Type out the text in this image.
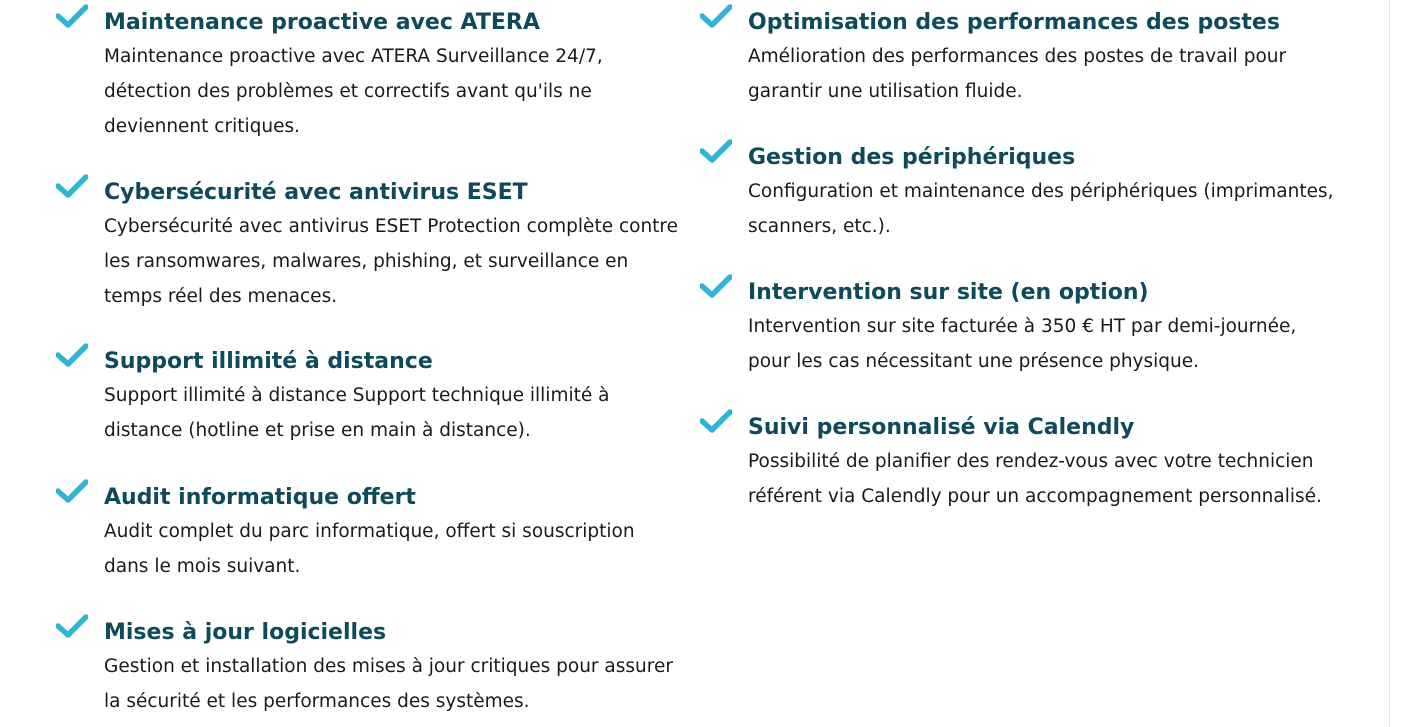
Maintenance proactive avec ATERA

Maintenance proactive avec ATERA Surveillance 24/7, détection des problèmes et correctifs avant qu'ils ne deviennent critiques.

Cybersécurité avec antivirus ESET

Cybersécurité avec antivirus ESET Protection complète contre les ransomwares, malwares, phishing, et surveillance en temps réel des menaces.

Support illimité à distance

Support illimité à distance Support technique illimité à distance (hotline et prise en main à distance).

Audit informatique offert

Audit complet du parc informatique, offert si souscription dans le mois suivant.

Mises à jour logicielles

Gestion et installation des mises à jour critiques pour assurer la sécurité et les performances des systèmes.

Optimisation des performances des postes

Amélioration des performances des postes de travail pour garantir une utilisation fluide.

Gestion des périphériques

Configuration et maintenance des périphériques (imprimantes, scanners, etc.).

Intervention sur site (en option)

Intervention sur site facturée à 350 € HT par demi-journée, pour les cas nécessitant une présence physique.

Suivi personnalisé via Calendly

Possibilité de planifier des rendez-vous avec votre technicien référent via Calendly pour un accompagnement personnalisé.
